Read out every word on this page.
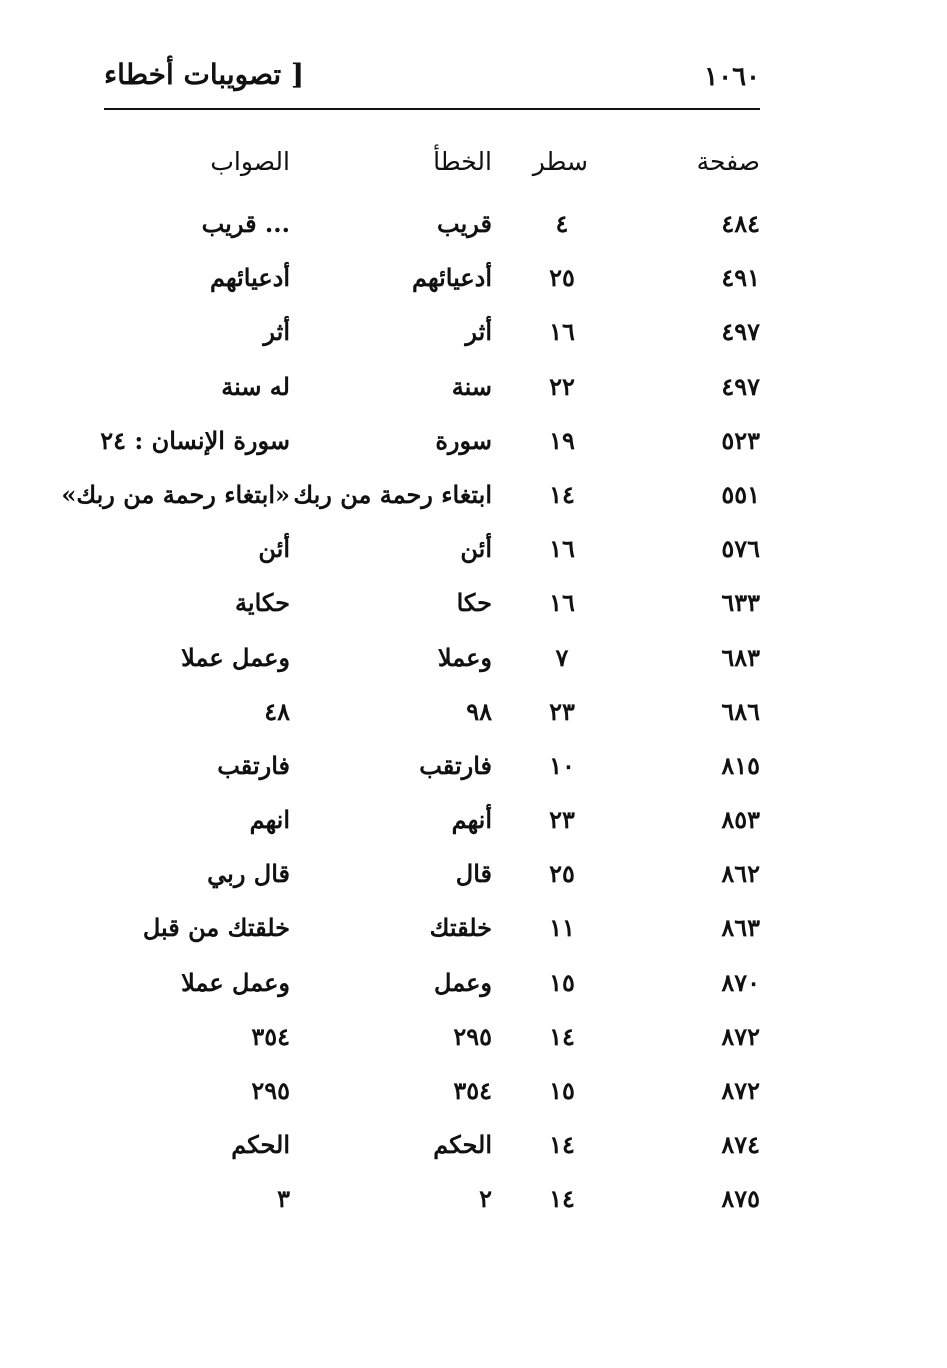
١٠٦٠
[ تصويبات أخطاء
صفحة
سطر
الخطأ
الصواب
٤٨٤
٤
قريب
... قريب
٤٩١
٢٥
أدعيائهم
أدعيائهم
٤٩٧
١٦
أثر
أثر
٤٩٧
٢٢
سنة
له سنة
٥٢٣
١٩
سورة
سورة الإنسان : ٢٤
٥٥١
١٤
ابتغاء رحمة من ربك
«ابتغاء رحمة من ربك»
٥٧٦
١٦
أئن
أئن
٦٣٣
١٦
حكا
حكاية
٦٨٣
٧
وعملا
وعمل عملا
٦٨٦
٢٣
٩٨
٤٨
٨١٥
١٠
فارتقب
فارتقب
٨٥٣
٢٣
أنهم
انهم
٨٦٢
٢٥
قال
قال ربي
٨٦٣
١١
خلقتك
خلقتك من قبل
٨٧٠
١٥
وعمل
وعمل عملا
٨٧٢
١٤
٢٩٥
٣٥٤
٨٧٢
١٥
٣٥٤
٢٩٥
٨٧٤
١٤
الحكم
الحكم
٨٧٥
١٤
٢
٣
